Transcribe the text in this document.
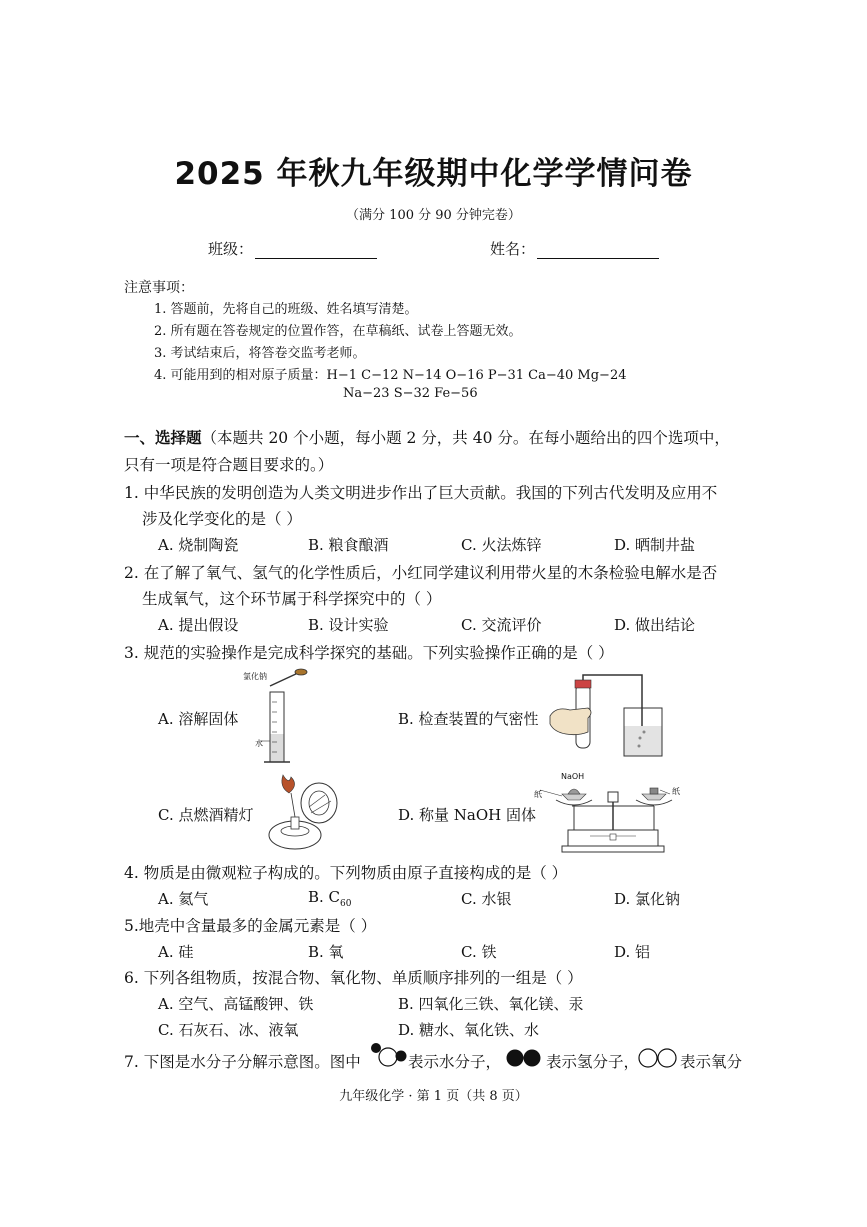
2025 年秋九年级期中化学学情问卷
（满分 100 分 90 分钟完卷）
班级：	姓名：
注意事项：
1. 答题前，先将自己的班级、姓名填写清楚。
2. 所有题在答卷规定的位置作答，在草稿纸、试卷上答题无效。
3. 考试结束后，将答卷交监考老师。
4. 可能用到的相对原子质量：H−1 C−12 N−14 O−16 P−31 Ca−40 Mg−24
Na−23 S−32 Fe−56
一、选择题（本题共 20 个小题，每小题 2 分，共 40 分。在每小题给出的四个选项中，
只有一项是符合题目要求的。）
1. 中华民族的发明创造为人类文明进步作出了巨大贡献。我国的下列古代发明及应用不
涉及化学变化的是（ ）
A. 烧制陶瓷	B. 粮食酿酒	C. 火法炼锌	D. 晒制井盐
2. 在了解了氧气、氢气的化学性质后，小红同学建议利用带火星的木条检验电解水是否
生成氧气，这个环节属于科学探究中的（ ）
A. 提出假设	B. 设计实验	C. 交流评价	D. 做出结论
3. 规范的实验操作是完成科学探究的基础。下列实验操作正确的是（ ）
A. 溶解固体	B. 检查装置的气密性
C. 点燃酒精灯	D. 称量 NaOH 固体
氯化钠
水
NaOH
纸	纸
4. 物质是由微观粒子构成的。下列物质由原子直接构成的是（ ）
A. 氦气	B. $C_{60}$	C. 水银	D. 氯化钠
5.地壳中含量最多的金属元素是（ ）
A. 硅	B. 氧	C. 铁	D. 铝
6. 下列各组物质，按混合物、氧化物、单质顺序排列的一组是（ ）
A. 空气、高锰酸钾、铁	B. 四氧化三铁、氧化镁、汞
C. 石灰石、冰、液氧	D. 糖水、氧化铁、水
7. 下图是水分子分解示意图。图中	表示水分子，	表示氢分子，	表示氧分
九年级化学 · 第 1 页（共 8 页）
